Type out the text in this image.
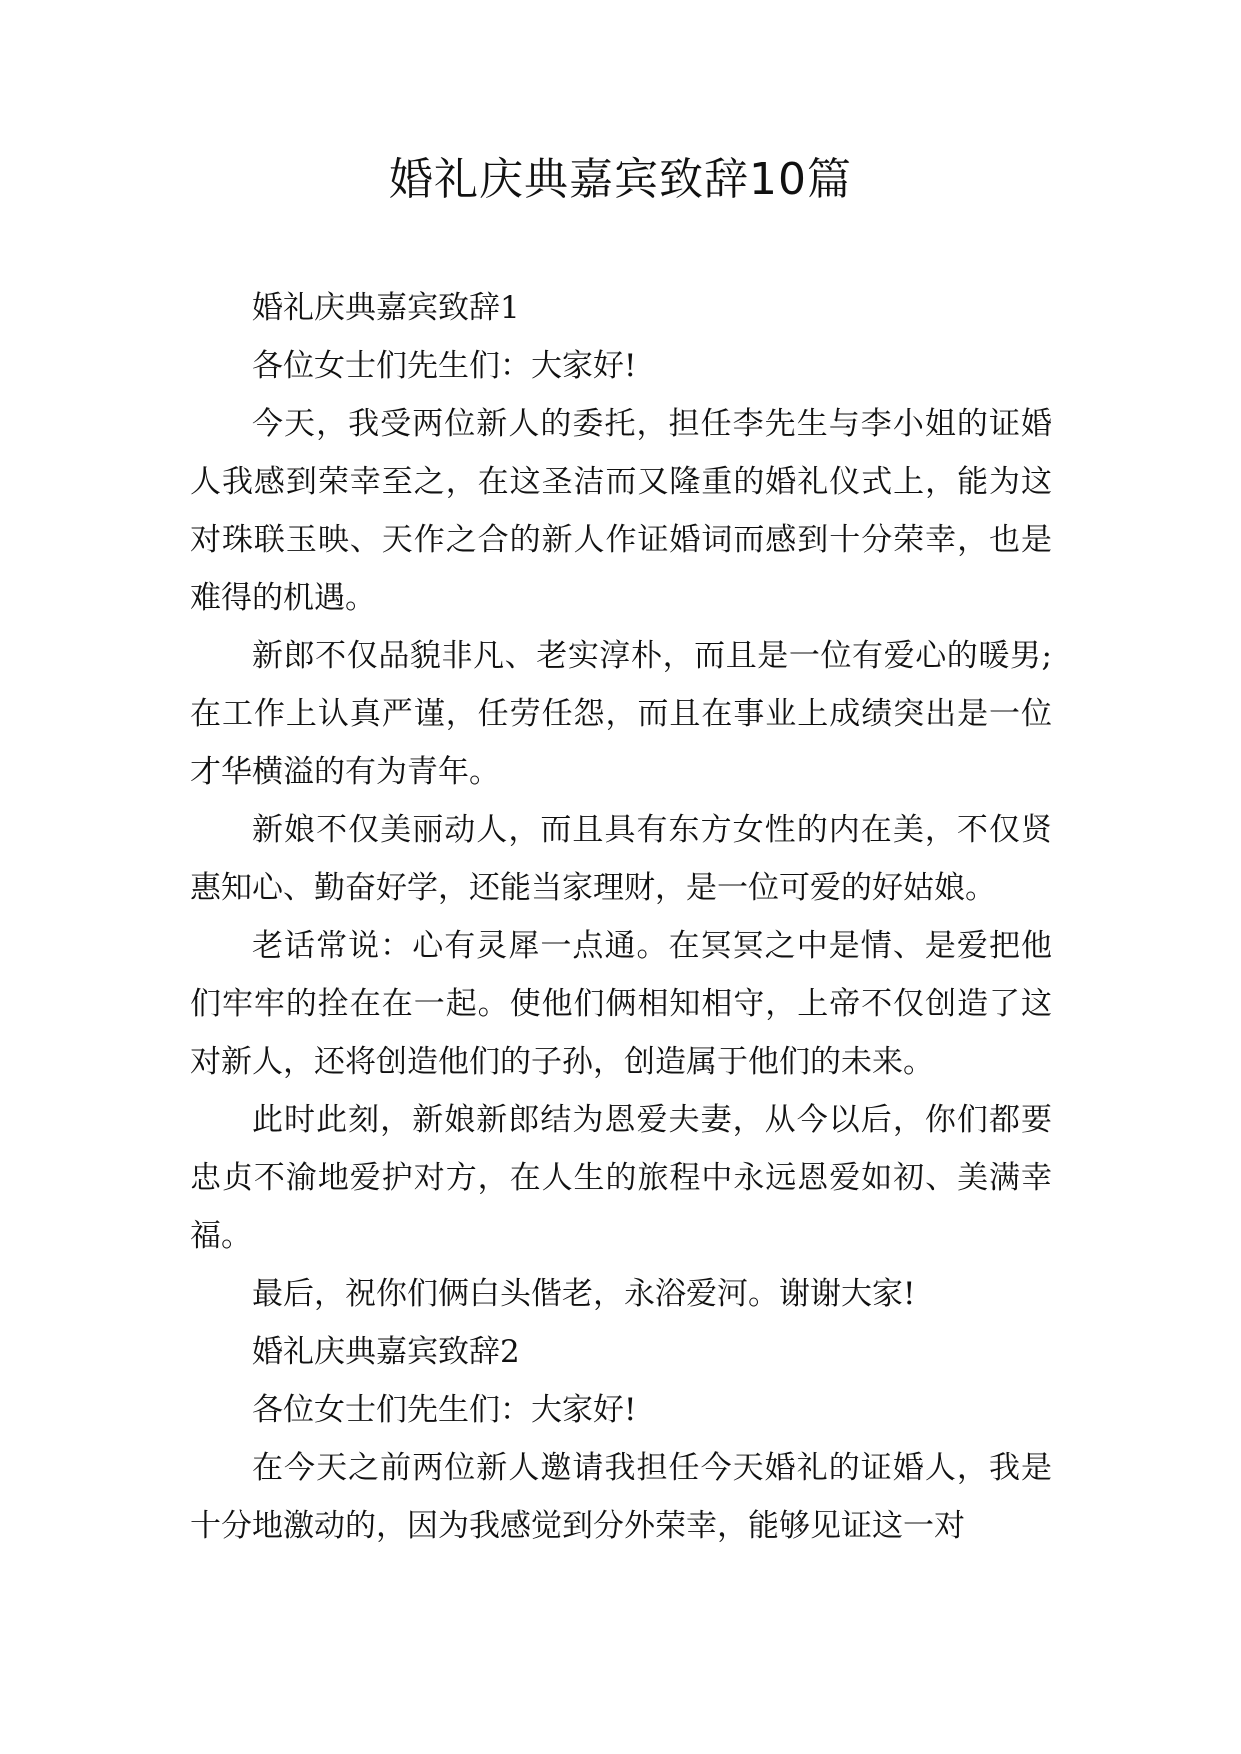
婚礼庆典嘉宾致辞10篇

婚礼庆典嘉宾致辞1

各位女士们先生们：大家好!

今天，我受两位新人的委托，担任李先生与李小姐的证婚人我感到荣幸至之，在这圣洁而又隆重的婚礼仪式上，能为这对珠联玉映、天作之合的新人作证婚词而感到十分荣幸，也是难得的机遇。

新郎不仅品貌非凡、老实淳朴，而且是一位有爱心的暖男;在工作上认真严谨，任劳任怨，而且在事业上成绩突出是一位才华横溢的有为青年。

新娘不仅美丽动人，而且具有东方女性的内在美，不仅贤惠知心、勤奋好学，还能当家理财，是一位可爱的好姑娘。

老话常说：心有灵犀一点通。在冥冥之中是情、是爱把他们牢牢的拴在在一起。使他们俩相知相守，上帝不仅创造了这对新人，还将创造他们的子孙，创造属于他们的未来。

此时此刻，新娘新郎结为恩爱夫妻，从今以后，你们都要忠贞不渝地爱护对方，在人生的旅程中永远恩爱如初、美满幸福。

最后，祝你们俩白头偕老，永浴爱河。谢谢大家!

婚礼庆典嘉宾致辞2

各位女士们先生们：大家好!

在今天之前两位新人邀请我担任今天婚礼的证婚人，我是十分地激动的，因为我感觉到分外荣幸，能够见证这一对
